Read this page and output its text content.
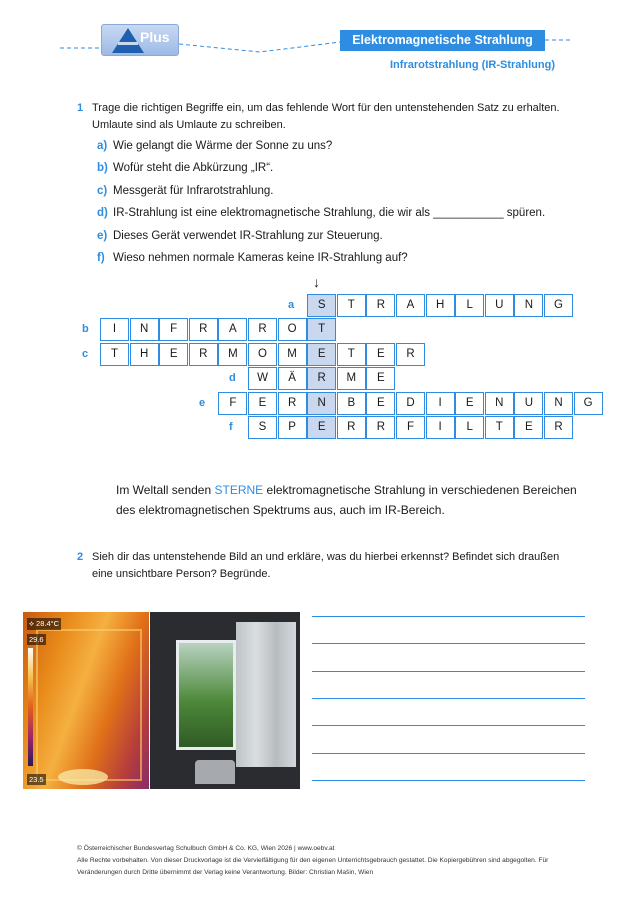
Plus	Elektromagnetische Strahlung
Infrarotstrahlung (IR-Strahlung)
1 Trage die richtigen Begriffe ein, um das fehlende Wort für den untenstehenden Satz zu erhalten. Umlaute sind als Umlaute zu schreiben.
a) Wie gelangt die Wärme der Sonne zu uns?
b) Wofür steht die Abkürzung „IR“.
c) Messgerät für Infrarotstrahlung.
d) IR-Strahlung ist eine elektromagnetische Strahlung, die wir als ___________ spüren.
e) Dieses Gerät verwendet IR-Strahlung zur Steuerung.
f) Wieso nehmen normale Kameras keine IR-Strahlung auf?
↓
a	S	T	R	A	H	L	U	N	G
b	I	N	F	R	A	R	O	T
c	T	H	E	R	M	O	M	E	T	E	R
d	W	Ä	R	M	E
e	F	E	R	N	B	E	D	I	E	N	U	N	G
f	S	P	E	R	R	F	I	L	T	E	R
Im Weltall senden STERNE elektromagnetische Strahlung in verschiedenen Bereichen des elektromagnetischen Spektrums aus, auch im IR-Bereich.
2 Sieh dir das untenstehende Bild an und erkläre, was du hierbei erkennst? Befindet sich draußen eine unsichtbare Person? Begründe.
⟡ 28.4°C
29.6
23.5
© Österreichischer Bundesverlag Schulbuch GmbH & Co. KG, Wien 2026 | www.oebv.at
Alle Rechte vorbehalten. Von dieser Druckvorlage ist die Vervielfältigung für den eigenen Unterrichtsgebrauch gestattet. Die Kopiergebühren sind abgegolten. Für
Veränderungen durch Dritte übernimmt der Verlag keine Verantwortung. Bilder: Christian Mašin, Wien
